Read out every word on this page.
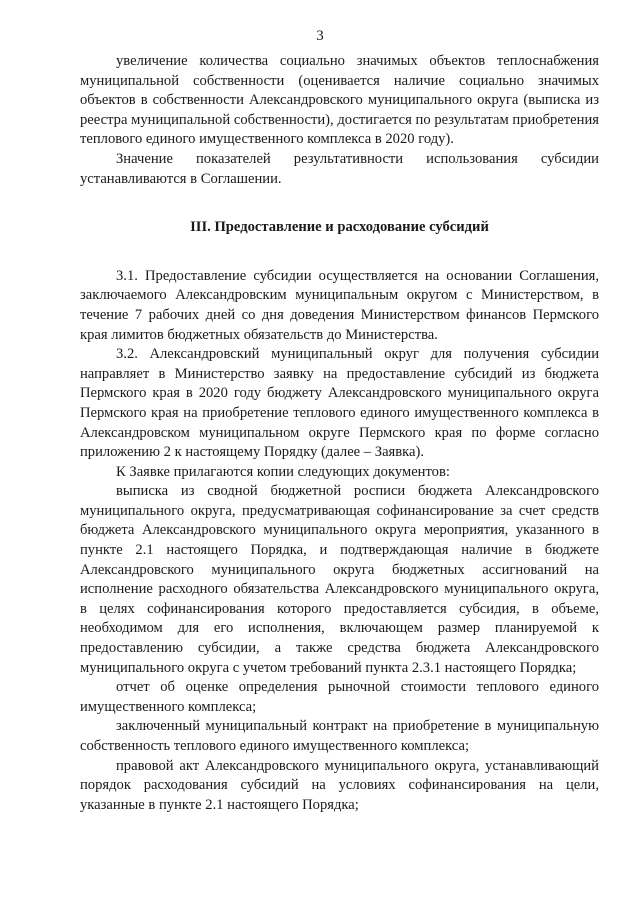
3

увеличение количества социально значимых объектов теплоснабжения муниципальной собственности (оценивается наличие социально значимых объектов в собственности Александровского муниципального округа (выписка из реестра муниципальной собственности), достигается по результатам приобретения теплового единого имущественного комплекса в 2020 году).

Значение показателей результативности использования субсидии устанавливаются в Соглашении.

III. Предоставление и расходование субсидий

3.1. Предоставление субсидии осуществляется на основании Соглашения, заключаемого Александровским муниципальным округом с Министерством, в течение 7 рабочих дней со дня доведения Министерством финансов Пермского края лимитов бюджетных обязательств до Министерства.

3.2. Александровский муниципальный округ для получения субсидии направляет в Министерство заявку на предоставление субсидий из бюджета Пермского края в 2020 году бюджету Александровского муниципального округа Пермского края на приобретение теплового единого имущественного комплекса в Александровском муниципальном округе Пермского края по форме согласно приложению 2 к настоящему Порядку (далее – Заявка).

К Заявке прилагаются копии следующих документов:

выписка из сводной бюджетной росписи бюджета Александровского муниципального округа, предусматривающая софинансирование за счет средств бюджета Александровского муниципального округа мероприятия, указанного в пункте 2.1 настоящего Порядка, и подтверждающая наличие в бюджете Александровского муниципального округа бюджетных ассигнований на исполнение расходного обязательства Александровского муниципального округа, в целях софинансирования которого предоставляется субсидия, в объеме, необходимом для его исполнения, включающем размер планируемой к предоставлению субсидии, а также средства бюджета Александровского муниципального округа с учетом требований пункта 2.3.1 настоящего Порядка;

отчет об оценке определения рыночной стоимости теплового единого имущественного комплекса;

заключенный муниципальный контракт на приобретение в муниципальную собственность теплового единого имущественного комплекса;

правовой акт Александровского муниципального округа, устанавливающий порядок расходования субсидий на условиях софинансирования на цели, указанные в пункте 2.1 настоящего Порядка;
